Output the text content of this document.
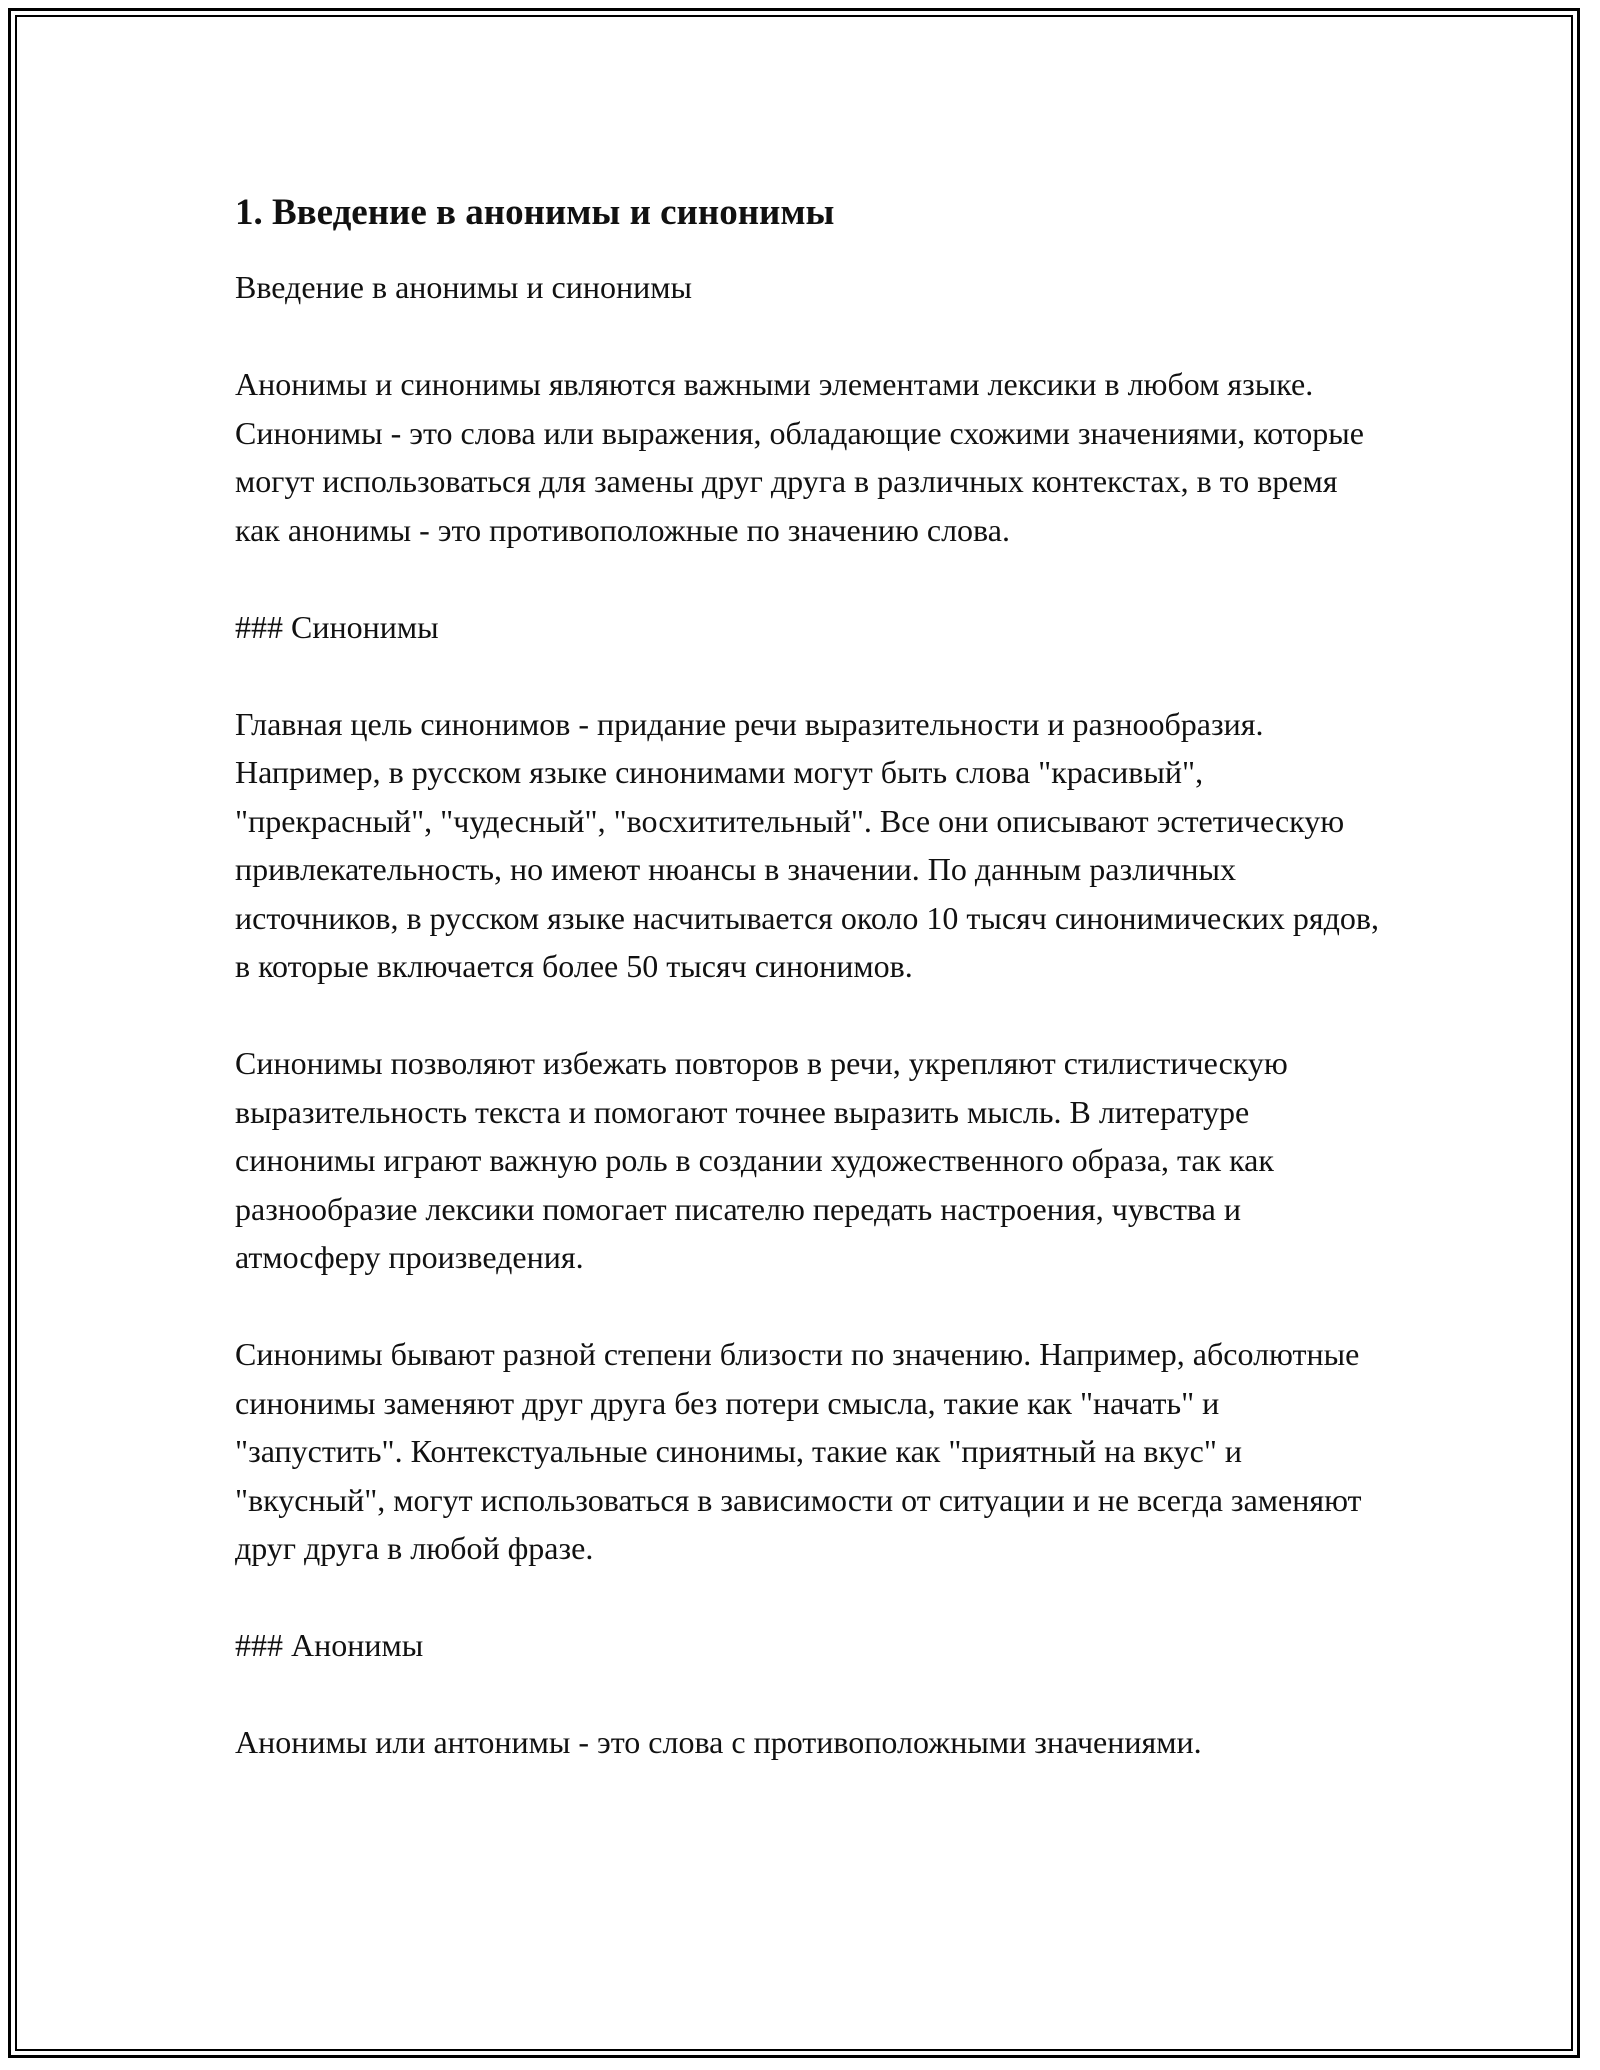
1. Введение в анонимы и синонимы

Введение в анонимы и синонимы

Анонимы и синонимы являются важными элементами лексики в любом языке. Синонимы - это слова или выражения, обладающие схожими значениями, которые могут использоваться для замены друг друга в различных контекстах, в то время как анонимы - это противоположные по значению слова.

### Синонимы

Главная цель синонимов - придание речи выразительности и разнообразия. Например, в русском языке синонимами могут быть слова "красивый", "прекрасный", "чудесный", "восхитительный". Все они описывают эстетическую привлекательность, но имеют нюансы в значении. По данным различных источников, в русском языке насчитывается около 10 тысяч синонимических рядов, в которые включается более 50 тысяч синонимов.

Синонимы позволяют избежать повторов в речи, укрепляют стилистическую выразительность текста и помогают точнее выразить мысль. В литературе синонимы играют важную роль в создании художественного образа, так как разнообразие лексики помогает писателю передать настроения, чувства и атмосферу произведения.

Синонимы бывают разной степени близости по значению. Например, абсолютные синонимы заменяют друг друга без потери смысла, такие как "начать" и "запустить". Контекстуальные синонимы, такие как "приятный на вкус" и "вкусный", могут использоваться в зависимости от ситуации и не всегда заменяют друг друга в любой фразе.

### Анонимы

Анонимы или антонимы - это слова с противоположными значениями.
